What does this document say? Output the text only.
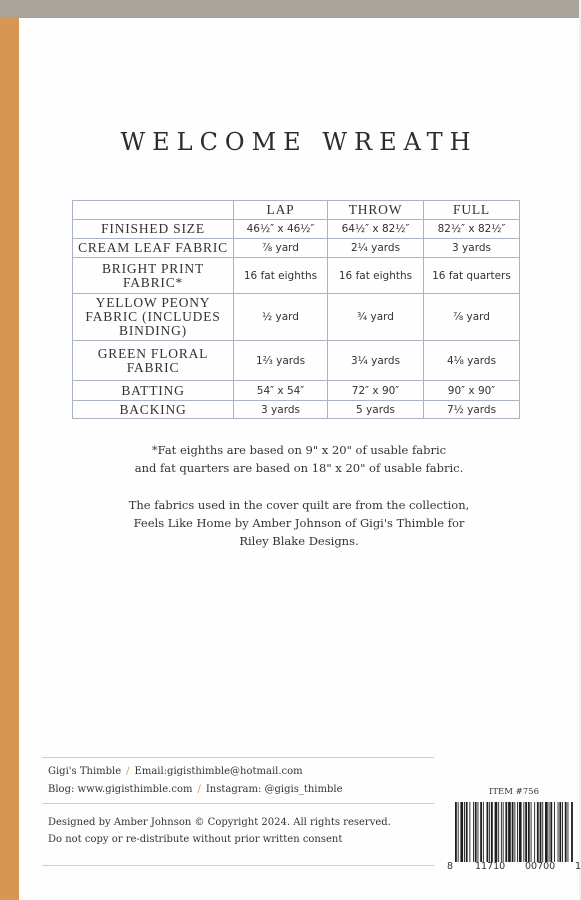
WELCOME WREATH
	LAP	THROW	FULL
FINISHED SIZE	46½″ x 46½″	64½″ x 82½″	82½″ x 82½″
CREAM LEAF FABRIC	⅞ yard	2¼ yards	3 yards
BRIGHT PRINT
FABRIC*	16 fat eighths	16 fat eighths	16 fat quarters
YELLOW PEONY
FABRIC (INCLUDES
BINDING)	½ yard	¾ yard	⅞ yard
GREEN FLORAL
FABRIC	1⅔ yards	3¼ yards	4⅛ yards
BATTING	54″ x 54″	72″ x 90″	90″ x 90″
BACKING	3 yards	5 yards	7½ yards
*Fat eighths are based on 9" x 20" of usable fabric
and fat quarters are based on 18" x 20" of usable fabric.
The fabrics used in the cover quilt are from the collection,
Feels Like Home by Amber Johnson of Gigi's Thimble for
Riley Blake Designs.
Gigi's Thimble / Email:gigisthimble@hotmail.com
Blog: www.gigisthimble.com / Instagram: @gigis_thimble
Designed by Amber Johnson © Copyright 2024. All rights reserved.
Do not copy or re-distribute without prior written consent
ITEM #756
8 11710 00700 1
